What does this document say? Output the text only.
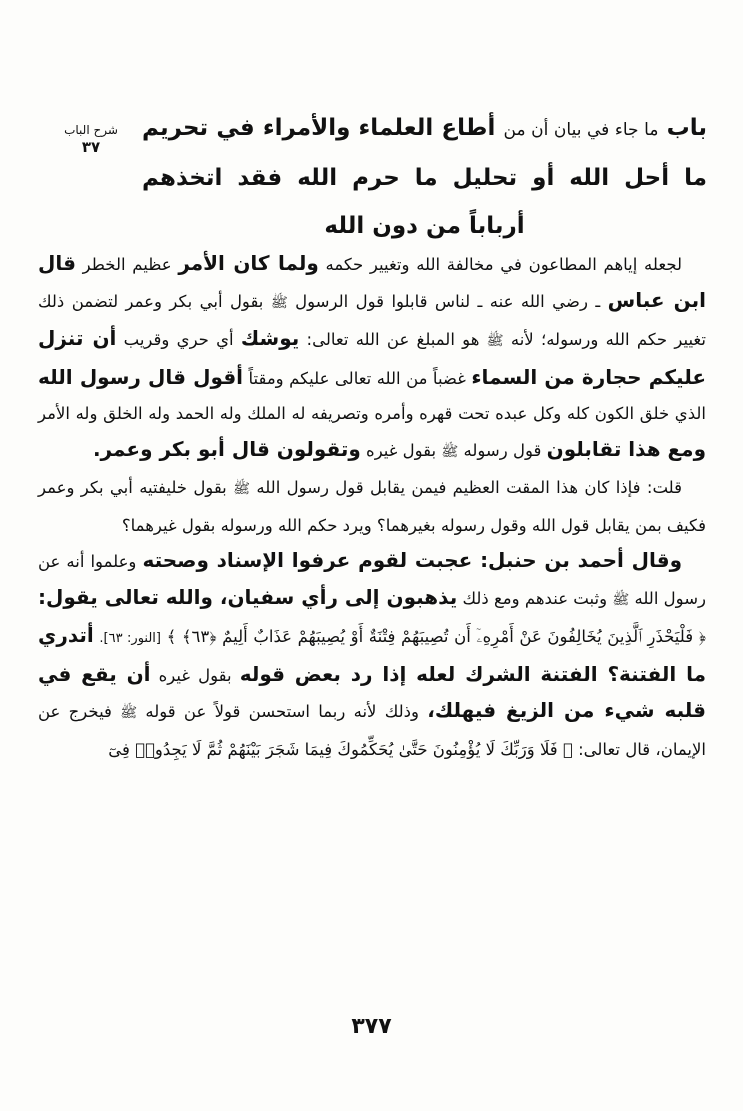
شرح الباب
٣٧
باب ما جاء في بيان أن من أطاع العلماء والأمراء في تحريم ما أحل الله أو تحليل ما حرم الله فقد اتخذهم أرباباً من دون الله

لجعله إياهم المطاعون في مخالفة الله وتغيير حكمه ولما كان الأمر عظيم الخطر قال ابن عباس ـ رضي الله عنه ـ لناس قابلوا قول الرسول ﷺ بقول أبي بكر وعمر لتضمن ذلك تغيير حكم الله ورسوله؛ لأنه ﷺ هو المبلغ عن الله تعالى: يوشك أي حري وقريب أن تنزل عليكم حجارة من السماء غضباً من الله تعالى عليكم ومقتاً أقول قال رسول الله الذي خلق الكون كله وكل عبده تحت قهره وأمره وتصريفه له الملك وله الحمد وله الخلق وله الأمر ومع هذا تقابلون قول رسوله ﷺ بقول غيره وتقولون قال أبو بكر وعمر.

قلت: فإذا كان هذا المقت العظيم فيمن يقابل قول رسول الله ﷺ بقول خليفتيه أبي بكر وعمر فكيف بمن يقابل قول الله وقول رسوله بغيرهما؟ ويرد حكم الله ورسوله بقول غيرهما؟

وقال أحمد بن حنبل: عجبت لقوم عرفوا الإسناد وصحته وعلموا أنه عن رسول الله ﷺ وثبت عندهم ومع ذلك يذهبون إلى رأي سفيان، والله تعالى يقول: ﴿ فَلْيَحْذَرِ ٱلَّذِينَ يُخَالِفُونَ عَنْ أَمْرِهِۦٓ أَن تُصِيبَهُمْ فِتْنَةٌ أَوْ يُصِيبَهُمْ عَذَابٌ أَلِيمٌ ﴿٦٣﴾ ﴾ [النور: ٦٣]. أتدري ما الفتنة؟ الفتنة الشرك لعله إذا رد بعض قوله بقول غيره أن يقع في قلبه شيء من الزيغ فيهلك، وذلك لأنه ربما استحسن قولاً عن قوله ﷺ فيخرج عن الإيمان، قال تعالى: ﴿ فَلَا وَرَبِّكَ لَا يُؤْمِنُونَ حَتَّىٰ يُحَكِّمُوكَ فِيمَا شَجَرَ بَيْنَهُمْ ثُمَّ لَا يَجِدُوا۟ فِىٓ

٣٧٧
